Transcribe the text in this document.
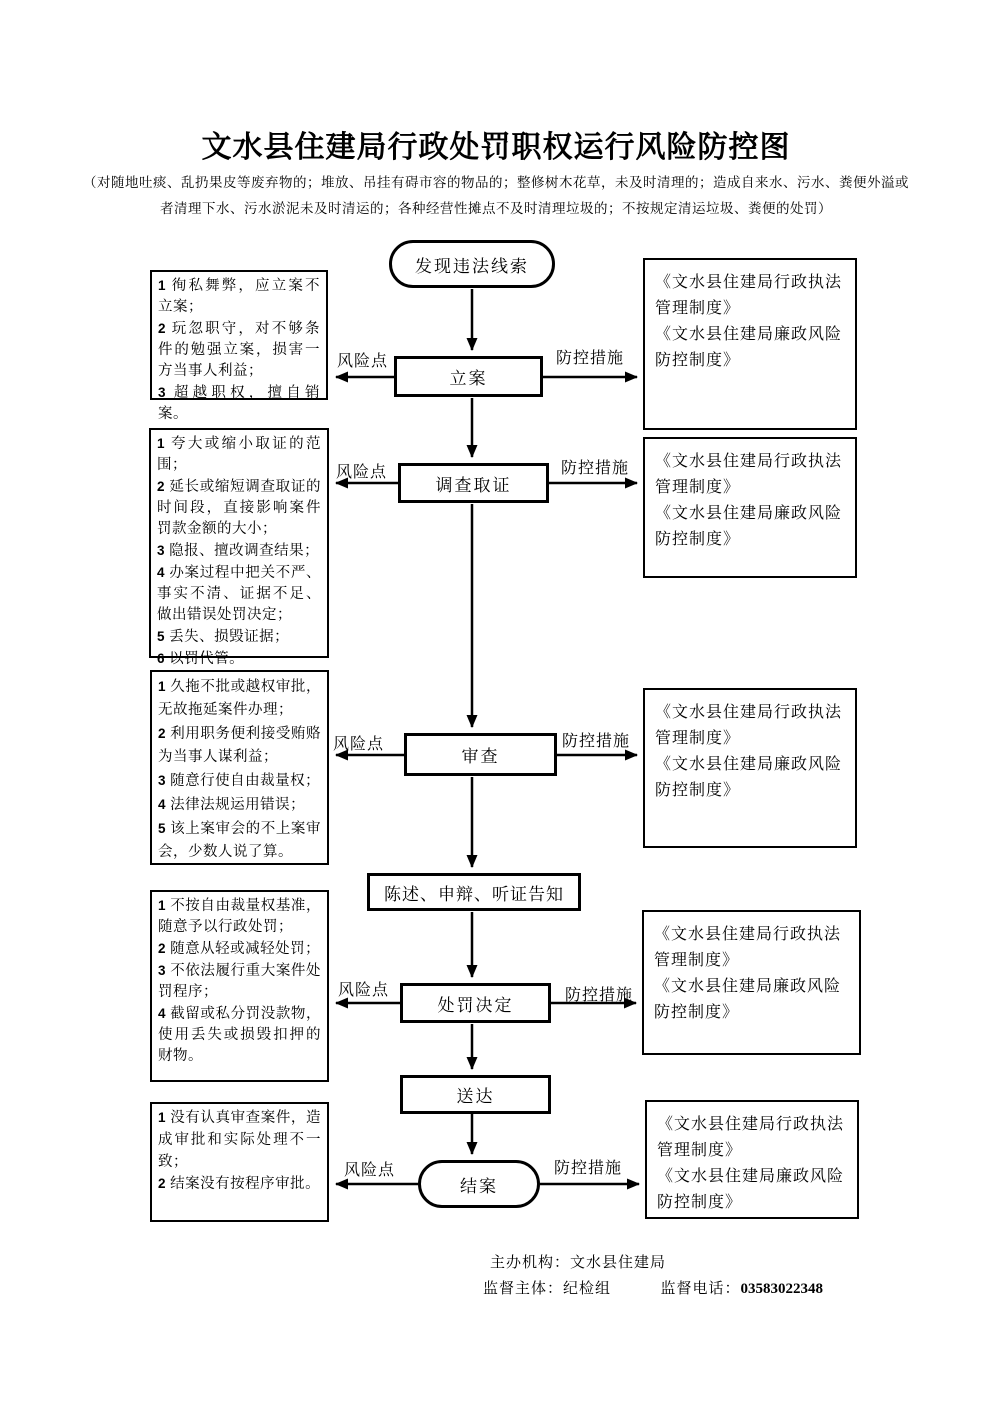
文水县住建局行政处罚职权运行风险防控图
（对随地吐痰、乱扔果皮等废弃物的；堆放、吊挂有碍市容的物品的；整修树木花草，未及时清理的；造成自来水、污水、粪便外溢或
者清理下水、污水淤泥未及时清运的；各种经营性摊点不及时清理垃圾的；不按规定清运垃圾、粪便的处罚）
发现违法线索
立案
调查取证
审查
陈述、申辩、听证告知
处罚决定
送达
结案
1 徇私舞弊，应立案不立案；
2 玩忽职守，对不够条件的勉强立案，损害一方当事人利益；
3 超越职权，擅自销案。
1 夸大或缩小取证的范围；
2 延长或缩短调查取证的时间段，直接影响案件罚款金额的大小；
3 隐报、擅改调查结果；
4 办案过程中把关不严、事实不清、证据不足、做出错误处罚决定；
5 丢失、损毁证据；
6 以罚代管。
1 久拖不批或越权审批，无故拖延案件办理；
2 利用职务便利接受贿赂为当事人谋利益；
3 随意行使自由裁量权；
4 法律法规运用错误；
5 该上案审会的不上案审会，少数人说了算。
1 不按自由裁量权基准，随意予以行政处罚；
2 随意从轻或减轻处罚；
3 不依法履行重大案件处罚程序；
4 截留或私分罚没款物，使用丢失或损毁扣押的财物。
1 没有认真审查案件，造成审批和实际处理不一致；
2 结案没有按程序审批。
《文水县住建局行政执法管理制度》
《文水县住建局廉政风险防控制度》
《文水县住建局行政执法管理制度》
《文水县住建局廉政风险防控制度》
《文水县住建局行政执法管理制度》
《文水县住建局廉政风险防控制度》
《文水县住建局行政执法管理制度》
《文水县住建局廉政风险防控制度》
《文水县住建局行政执法管理制度》
《文水县住建局廉政风险防控制度》
风险点	防控措施
风险点	防控措施
风险点	防控措施
风险点	防控措施
风险点	防控措施
主办机构：文水县住建局
监督主体：纪检组	监督电话：03583022348
